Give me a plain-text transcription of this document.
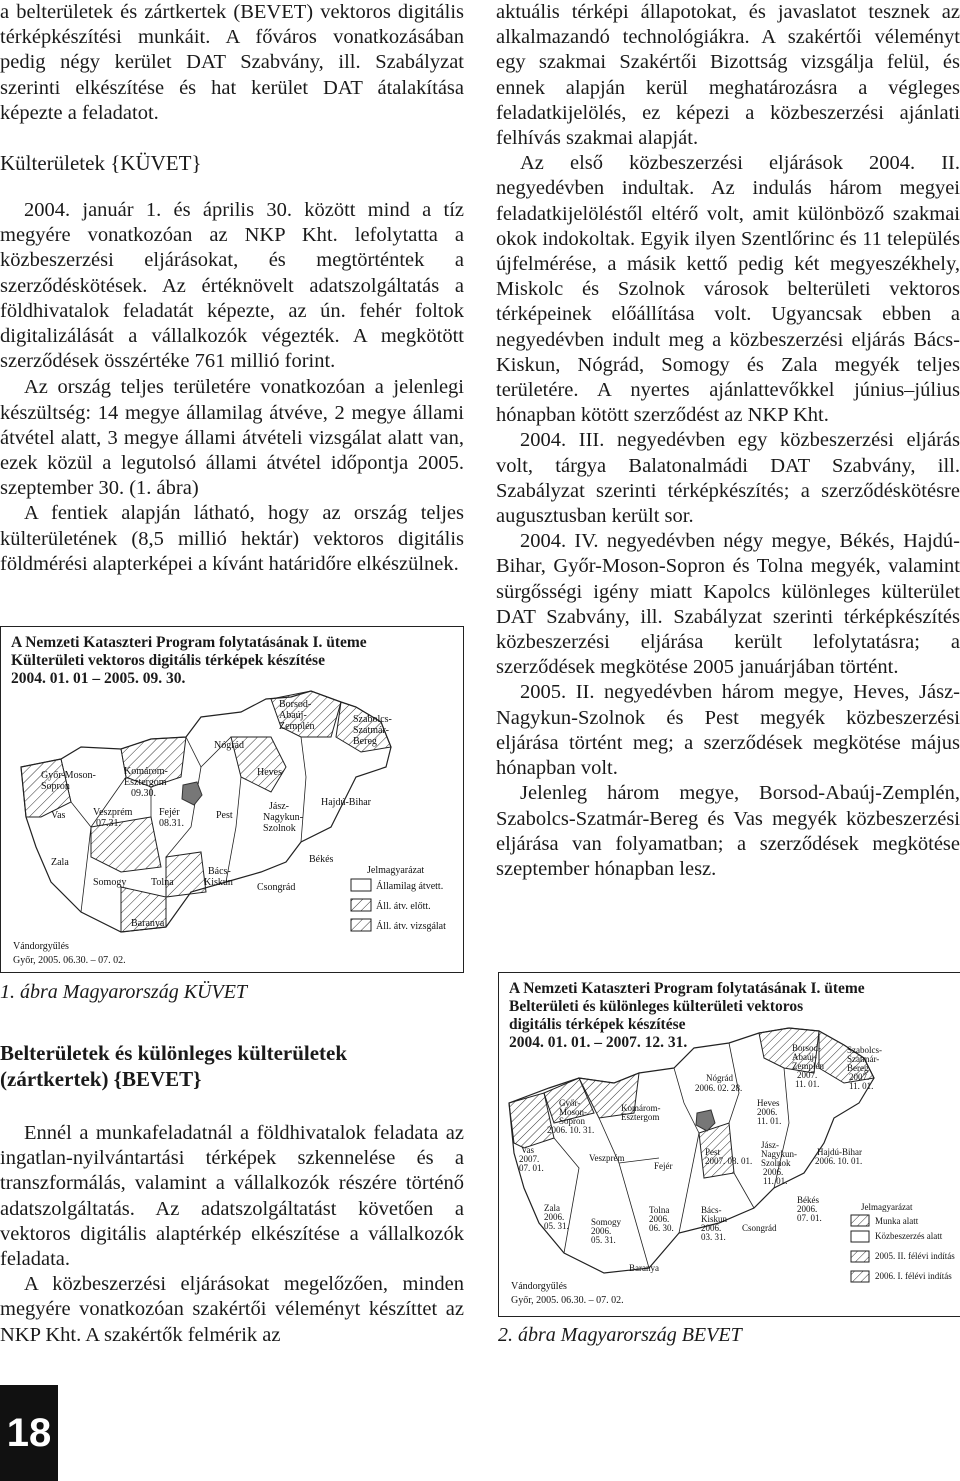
a belterületek és zártkertek (BEVET) vektoros digitális térképkészítési munkáit. A főváros vonatkozásában pedig négy kerület DAT Szabvány, ill. Szabályzat szerinti elkészítése és hat kerület DAT átalakítása képezte a feladatot.

Külterületek {KÜVET}

2004. január 1. és április 30. között mind a tíz megyére vonatkozóan az NKP Kht. lefolytatta a közbeszerzési eljárásokat, és megtörténtek a szerződéskötések. Az értéknövelt adatszolgáltatás a földhivatalok feladatát képezte, az ún. fehér foltok digitalizálását a vállalkozók végezték. A megkötött szerződések összértéke 761 millió forint.

Az ország teljes területére vonatkozóan a jelenlegi készültség: 14 megye államilag átvéve, 2 megye állami átvétel alatt, 3 megye állami átvételi vizsgálat alatt van, ezek közül a legutolsó állami átvétel időpontja 2005. szeptember 30. (1. ábra)

A fentiek alapján látható, hogy az ország teljes külterületének (8,5 millió hektár) vektoros digitális földmérési alapterképei a kívánt határidőre elkészülnek.

A Nemzeti Kataszteri Program folytatásának I. üteme
Külterületi vektoros digitális térképek készítése
2004. 01. 01 – 2005. 09. 30.
Borsod-
Abaúj-
Zemplén
Szabolcs-
Szatmár-
Bereg
Nógrád
Heves
Győr-Moson-
Sopron
Komárom-
Esztergom
09.30.
Hajdú-Bihar
Jász-
Nagykun-
Szolnok
Vas	Veszprém
07.31.
Fejér
08.31.
Pest
Zala
Somogy Tolna
Bács-
Kiskun Csongrád
Békés
Baranya
Jelmagyarázat
Államilag átvett.
Áll. átv. előtt.
Áll. átv. vizsgálat
Vándorgyűlés
Győr, 2005. 06.30. – 07. 02.
1. ábra Magyarország KÜVET
Belterületek és különleges külterületek (zártkertek) {BEVET}

Ennél a munkafeladatnál a földhivatalok feladata az ingatlan-nyilvántartási térképek szkennelése és a transzformálás, valamint a vállalkozók részére történő adatszolgáltatás. Az adatszolgáltatást követően a vektoros digitális alaptérkép elkészítése a vállalkozók feladata.

A közbeszerzési eljárásokat megelőzően, minden megyére vonatkozóan szakértői véleményt készíttet az NKP Kht. A szakértők felmérik az

18

aktuális térképi állapotokat, és javaslatot tesznek az alkalmazandó technológiákra. A szakértői véleményt egy szakmai Szakértői Bizottság vizsgálja felül, és ennek alapján kerül meghatározásra a végleges feladatkijelölés, ez képezi a közbeszerzési ajánlati felhívás szakmai alapját.

Az első közbeszerzési eljárások 2004. II. negyedévben indultak. Az indulás három megyei feladatkijelöléstől eltérő volt, amit különböző szakmai okok indokoltak. Egyik ilyen Szentlőrinc és 11 település újfelmérése, a másik kettő pedig két megyeszékhely, Miskolc és Szolnok városok belterületi vektoros térképeinek előállítása volt. Ugyancsak ebben a negyedévben indult meg a közbeszerzési eljárás Bács-Kiskun, Nógrád, Somogy és Zala megyék teljes területére. A nyertes ajánlattevőkkel június–július hónapban kötött szerződést az NKP Kht.

2004. III. negyedévben egy közbeszerzési eljárás volt, tárgya Balatonalmádi DAT Szabvány, ill. Szabályzat szerinti térképkészítés; a szerződéskötésre augusztusban került sor.

2004. IV. negyedévben négy megye, Békés, Hajdú-Bihar, Győr-Moson-Sopron és Tolna megyék, valamint sürgősségi igény miatt Kapolcs különleges külterület DAT Szabvány, ill. Szabályzat szerinti térképkészítés közbeszerzési eljárása került lefolytatásra; a szerződések megkötése 2005 januárjában történt.

2005. II. negyedévben három megye, Heves, Jász-Nagykun-Szolnok és Pest megyék közbeszerzési eljárása történt meg; a szerződések megkötése május hónapban volt.

Jelenleg három megye, Borsod-Abaúj-Zemplén, Szabolcs-Szatmár-Bereg és Vas megyék közbeszerzési eljárása van folyamatban; a szerződések megkötése szeptember hónapban lesz.

A Nemzeti Kataszteri Program folytatásának I. üteme
Belterületi és különleges külterületi vektoros
digitális térképek készítése
2004. 01. 01. – 2007. 12. 31.	Borsod-
Abaúj-
Zemplén
2007.
11. 01.
Szabolcs-
Szatmár-
Bereg
2007.
11. 01.
Nógrád
2006. 02. 28.
Heves
2006.
11. 01.
Győr-
Moson-
Sopron
2006. 10. 31.
Komárom-
Esztergom
Jász-
Nagykun-
Szolnok
2006.
11. 01.
Hajdú-Bihar
2006. 10. 01.
Vas
2007.
07. 01.
Veszprém
Fejér
Pest
2007. 08. 01.
Zala
2006.
05. 31. Somogy
2006.
05. 31.
Tolna
2006.
06. 30.
Bács-
Kiskun
2006.
03. 31.
Csongrád
Békés
2006.
07. 01.
Baranya
Jelmagyarázat
Munka alatt
Közbeszerzés alatt
2005. II. félévi indítás
2006. I. félévi indítás
Vándorgyűlés
Győr, 2005. 06.30. – 07. 02.
2. ábra Magyarország BEVET
